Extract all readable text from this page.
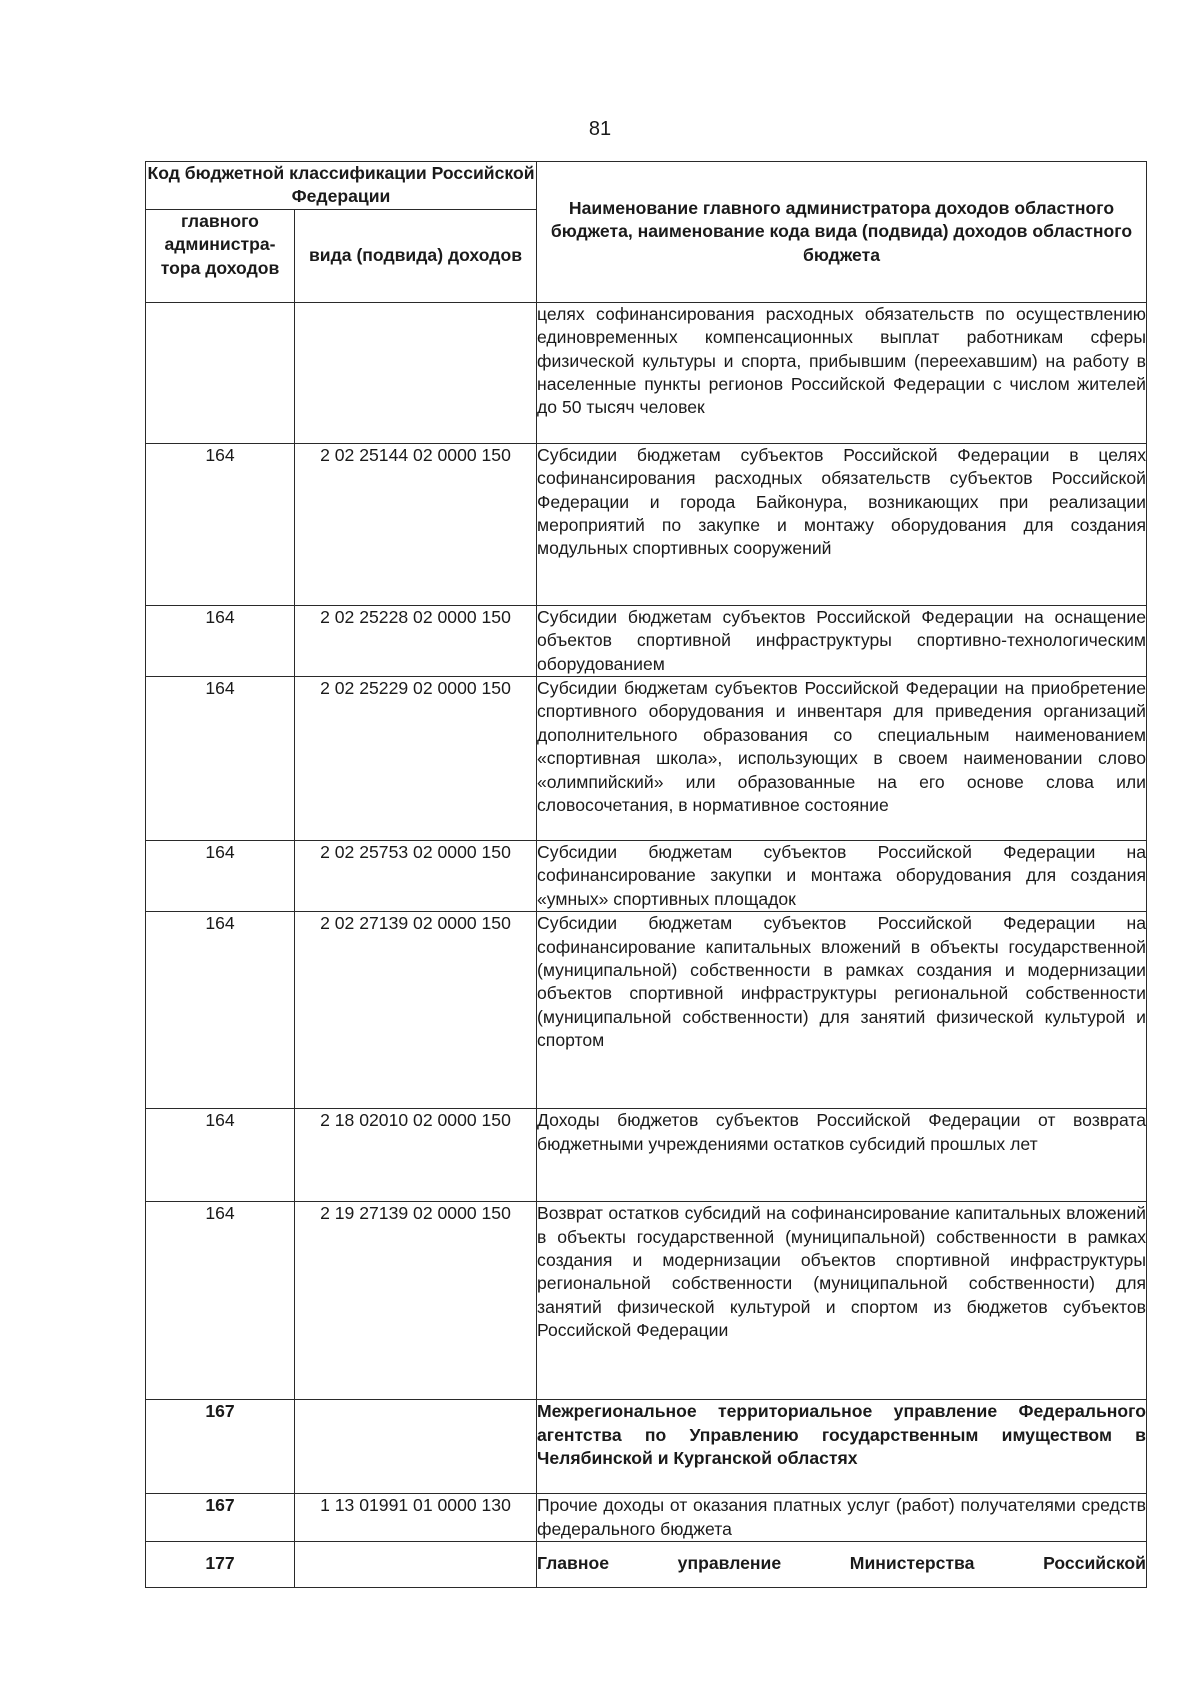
81
Код бюджетной классификации Российской Федерации		Наименование главного администратора доходов областного бюджета, наименование кода вида (подвида) доходов областного бюджета
главного администра-тора доходов	вида (подвида) доходов	
		целях софинансирования расходных обязательств по осуществлению единовременных компенсационных выплат работникам сферы физической культуры и спорта, прибывшим (переехавшим) на работу в населенные пункты регионов Российской Федерации с числом жителей до 50 тысяч человек
164	2 02 25144 02 0000 150	Субсидии бюджетам субъектов Российской Федерации в целях софинансирования расходных обязательств субъектов Российской Федерации и города Байконура, возникающих при реализации мероприятий по закупке и монтажу оборудования для создания модульных спортивных сооружений
164	2 02 25228 02 0000 150	Субсидии бюджетам субъектов Российской Федерации на оснащение объектов спортивной инфраструктуры спортивно-технологическим оборудованием
164	2 02 25229 02 0000 150	Субсидии бюджетам субъектов Российской Федерации на приобретение спортивного оборудования и инвентаря для приведения организаций дополнительного образования со специальным наименованием «спортивная школа», использующих в своем наименовании слово «олимпийский» или образованные на его основе слова или словосочетания, в нормативное состояние
164	2 02 25753 02 0000 150	Субсидии бюджетам субъектов Российской Федерации на софинансирование закупки и монтажа оборудования для создания «умных» спортивных площадок
164	2 02 27139 02 0000 150	Субсидии бюджетам субъектов Российской Федерации на софинансирование капитальных вложений в объекты государственной (муниципальной) собственности в рамках создания и модернизации объектов спортивной инфраструктуры региональной собственности (муниципальной собственности) для занятий физической культурой и спортом
164	2 18 02010 02 0000 150	Доходы бюджетов субъектов Российской Федерации от возврата бюджетными учреждениями остатков субсидий прошлых лет
164	2 19 27139 02 0000 150	Возврат остатков субсидий на софинансирование капитальных вложений в объекты государственной (муниципальной) собственности в рамках создания и модернизации объектов спортивной инфраструктуры региональной собственности (муниципальной собственности) для занятий физической культурой и спортом из бюджетов субъектов Российской Федерации
167		Межрегиональное территориальное управление Федерального агентства по Управлению государственным имуществом в Челябинской и Курганской областях
167	1 13 01991 01 0000 130	Прочие доходы от оказания платных услуг (работ) получателями средств федерального бюджета
177		Главное управление Министерства Российской
